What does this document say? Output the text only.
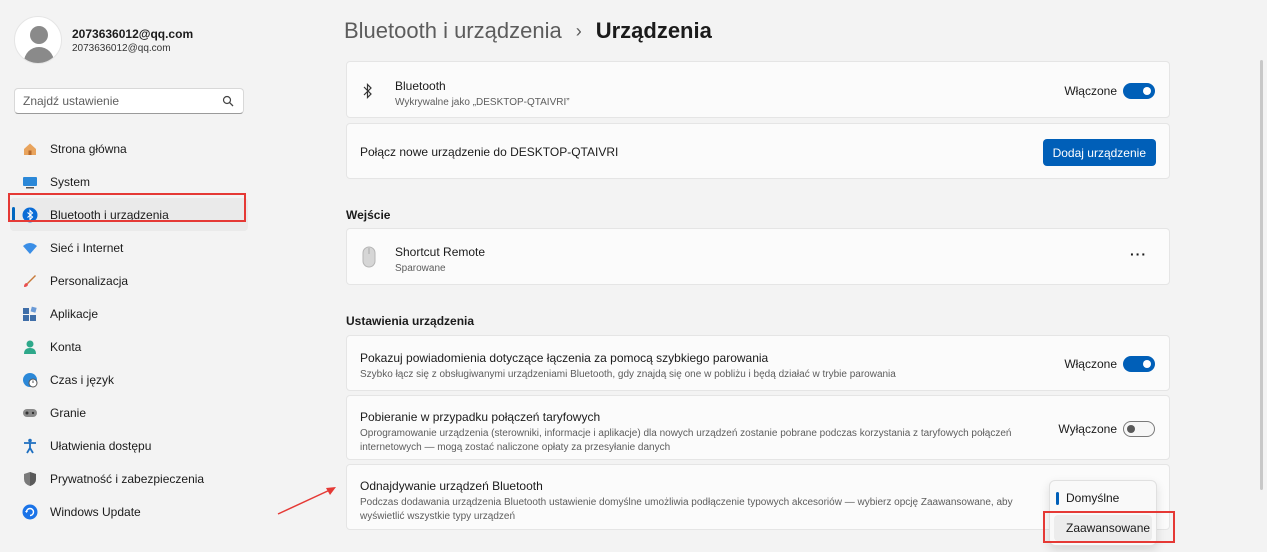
2073636012@qq.com
2073636012@qq.com
Znajdź ustawienie
Strona główna
System
Bluetooth i urządzenia
Sieć i Internet
Personalizacja
Aplikacje
Konta
Czas i język
Granie
Ułatwienia dostępu
Prywatność i zabezpieczenia
Windows Update
Bluetooth i urządzenia › Urządzenia
Bluetooth
Wykrywalne jako „DESKTOP-QTAIVRI”
Włączone
Połącz nowe urządzenie do DESKTOP-QTAIVRI	Dodaj urządzenie
Wejście
Shortcut Remote
Sparowane
···
Ustawienia urządzenia
Pokazuj powiadomienia dotyczące łączenia za pomocą szybkiego parowania
Szybko łącz się z obsługiwanymi urządzeniami Bluetooth, gdy znajdą się one w pobliżu i będą działać w trybie parowania
Włączone
Pobieranie w przypadku połączeń taryfowych
Oprogramowanie urządzenia (sterowniki, informacje i aplikacje) dla nowych urządzeń zostanie pobrane podczas korzystania z taryfowych połączeń internetowych — mogą zostać naliczone opłaty za przesyłanie danych
Wyłączone
Odnajdywanie urządzeń Bluetooth
Podczas dodawania urządzenia Bluetooth ustawienie domyślne umożliwia podłączenie typowych akcesoriów — wybierz opcję Zaawansowane, aby wyświetlić wszystkie typy urządzeń
Domyślne
Zaawansowane
